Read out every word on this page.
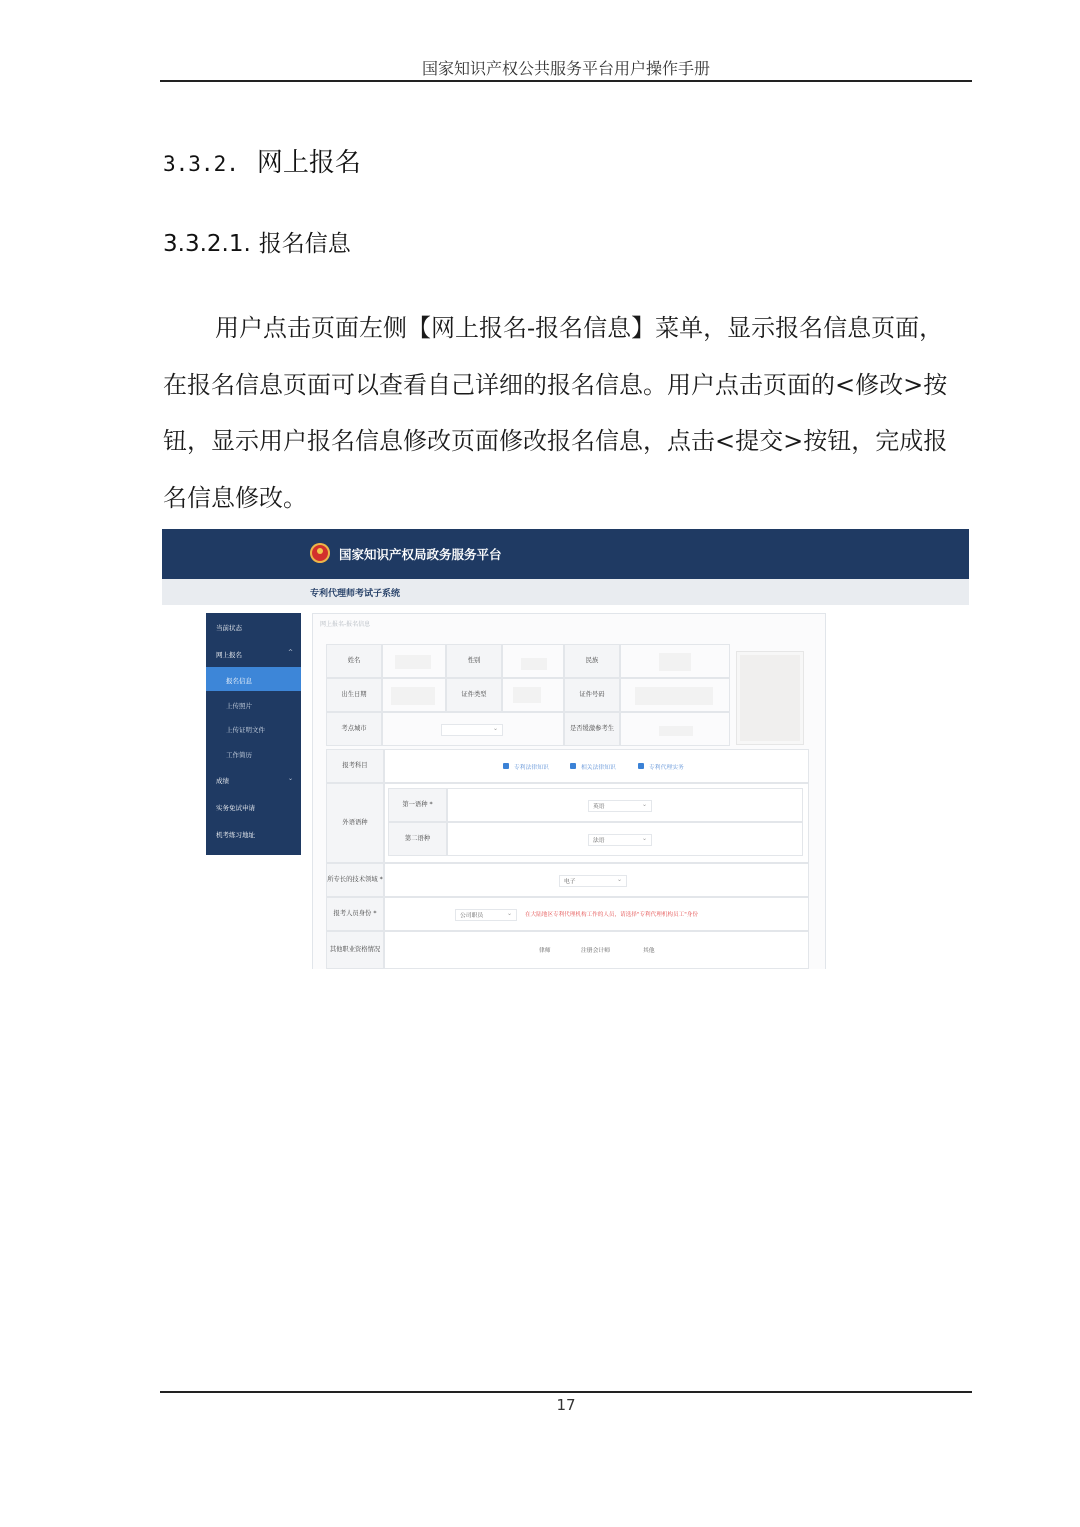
国家知识产权公共服务平台用户操作手册
3.3.2. 网上报名
3.3.2.1. 报名信息
用户点击页面左侧【网上报名-报名信息】菜单，显示报名信息页面，
在报名信息页面可以查看自己详细的报名信息。用户点击页面的<修改>按
钮，显示用户报名信息修改页面修改报名信息，点击<提交>按钮，完成报
名信息修改。
国家知识产权局政务服务平台
专利代理师考试子系统
当前状态
网上报名	^
报名信息
上传照片
上传证明文件
工作简历
成绩	⌄
实务免试申请
机考练习地址
网上报名-报名信息
姓名	性别	民族
出生日期	证件类型	证件号码
考点城市
⌄	是否缓激参考生
报考科目	专利法律知识	相关法律知识	专利代理实务
外语语种
第一语种 *	英语 ⌄
第二语种	法语 ⌄
所专长的技术领域 *	电子 ⌄
报考人员身份 *	公司职员 ⌄	在大陆地区专利代理机构工作的人员，请选择"专利代理机构员工"身份
其他职业资格情况	律师	注册会计师	其他
17
